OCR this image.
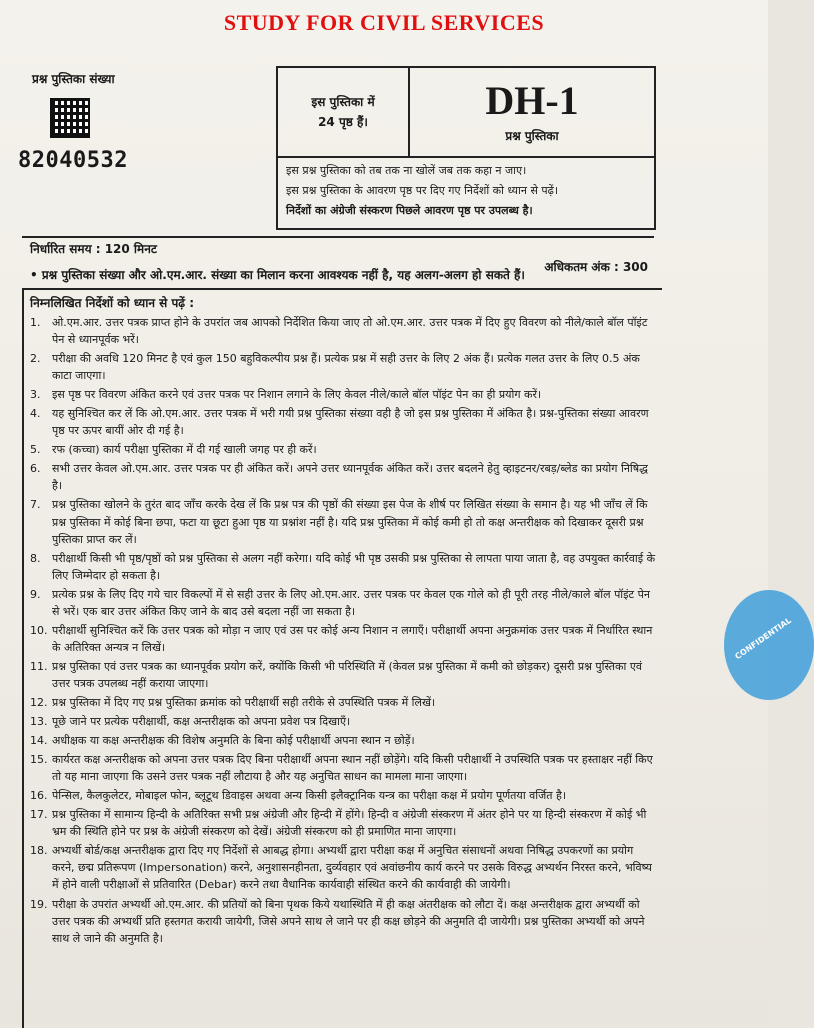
STUDY FOR CIVIL SERVICES
प्रश्न पुस्तिका संख्या
82040532
इस पुस्तिका में
24 पृष्ठ हैं।	DH-1
प्रश्न पुस्तिका
इस प्रश्न पुस्तिका को तब तक ना खोलें जब तक कहा न जाए।
इस प्रश्न पुस्तिका के आवरण पृष्ठ पर दिए गए निर्देशों को ध्यान से पढ़ें।
निर्देशों का अंग्रेजी संस्करण पिछले आवरण पृष्ठ पर उपलब्ध है।
निर्धारित समय : 120 मिनट
अधिकतम अंक : 300
• प्रश्न पुस्तिका संख्या और ओ.एम.आर. संख्या का मिलान करना आवश्यक नहीं है, यह अलग-अलग हो सकते हैं।
निम्नलिखित निर्देशों को ध्यान से पढ़ें :
1.	ओ.एम.आर. उत्तर पत्रक प्राप्त होने के उपरांत जब आपको निर्देशित किया जाए तो ओ.एम.आर. उत्तर पत्रक में दिए हुए विवरण को नीले/काले बॉल पॉइंट पेन से ध्यानपूर्वक भरें।
2.	परीक्षा की अवधि 120 मिनट है एवं कुल 150 बहुविकल्पीय प्रश्न हैं। प्रत्येक प्रश्न में सही उत्तर के लिए 2 अंक हैं। प्रत्येक गलत उत्तर के लिए 0.5 अंक काटा जाएगा।
3.	इस पृष्ठ पर विवरण अंकित करने एवं उत्तर पत्रक पर निशान लगाने के लिए केवल नीले/काले बॉल पॉइंट पेन का ही प्रयोग करें।
4.	यह सुनिश्चित कर लें कि ओ.एम.आर. उत्तर पत्रक में भरी गयी प्रश्न पुस्तिका संख्या वही है जो इस प्रश्न पुस्तिका में अंकित है। प्रश्न-पुस्तिका संख्या आवरण पृष्ठ पर ऊपर बायीं ओर दी गई है।
5.	रफ (कच्चा) कार्य परीक्षा पुस्तिका में दी गई खाली जगह पर ही करें।
6.	सभी उत्तर केवल ओ.एम.आर. उत्तर पत्रक पर ही अंकित करें। अपने उत्तर ध्यानपूर्वक अंकित करें। उत्तर बदलने हेतु व्हाइटनर/रबड़/ब्लेड का प्रयोग निषिद्ध है।
7.	प्रश्न पुस्तिका खोलने के तुरंत बाद जाँच करके देख लें कि प्रश्न पत्र की पृष्ठों की संख्या इस पेज के शीर्ष पर लिखित संख्या के समान है। यह भी जाँच लें कि प्रश्न पुस्तिका में कोई बिना छपा, फटा या छूटा हुआ पृष्ठ या प्रश्नांश नहीं है। यदि प्रश्न पुस्तिका में कोई कमी हो तो कक्ष अन्तरीक्षक को दिखाकर दूसरी प्रश्न पुस्तिका प्राप्त कर लें।
8.	परीक्षार्थी किसी भी पृष्ठ/पृष्ठों को प्रश्न पुस्तिका से अलग नहीं करेगा। यदि कोई भी पृष्ठ उसकी प्रश्न पुस्तिका से लापता पाया जाता है, वह उपयुक्त कार्रवाई के लिए जिम्मेदार हो सकता है।
9.	प्रत्येक प्रश्न के लिए दिए गये चार विकल्पों में से सही उत्तर के लिए ओ.एम.आर. उत्तर पत्रक पर केवल एक गोले को ही पूरी तरह नीले/काले बॉल पॉइंट पेन से भरें। एक बार उत्तर अंकित किए जाने के बाद उसे बदला नहीं जा सकता है।
10. परीक्षार्थी सुनिश्चित करें कि उत्तर पत्रक को मोड़ा न जाए एवं उस पर कोई अन्य निशान न लगाएँ। परीक्षार्थी अपना अनुक्रमांक उत्तर पत्रक में निर्धारित स्थान के अतिरिक्त अन्यत्र न लिखें।
11. प्रश्न पुस्तिका एवं उत्तर पत्रक का ध्यानपूर्वक प्रयोग करें, क्योंकि किसी भी परिस्थिति में (केवल प्रश्न पुस्तिका में कमी को छोड़कर) दूसरी प्रश्न पुस्तिका एवं उत्तर पत्रक उपलब्ध नहीं कराया जाएगा।
12. प्रश्न पुस्तिका में दिए गए प्रश्न पुस्तिका क्रमांक को परीक्षार्थी सही तरीके से उपस्थिति पत्रक में लिखें।
13. पूछे जाने पर प्रत्येक परीक्षार्थी, कक्ष अन्तरीक्षक को अपना प्रवेश पत्र दिखाएँ।
14. अधीक्षक या कक्ष अन्तरीक्षक की विशेष अनुमति के बिना कोई परीक्षार्थी अपना स्थान न छोड़ें।
15. कार्यरत कक्ष अन्तरीक्षक को अपना उत्तर पत्रक दिए बिना परीक्षार्थी अपना स्थान नहीं छोड़ेंगे। यदि किसी परीक्षार्थी ने उपस्थिति पत्रक पर हस्ताक्षर नहीं किए तो यह माना जाएगा कि उसने उत्तर पत्रक नहीं लौटाया है और यह अनुचित साधन का मामला माना जाएगा।
16. पेन्सिल, कैलकुलेटर, मोबाइल फोन, ब्लूटूथ डिवाइस अथवा अन्य किसी इलैक्ट्रानिक यन्त्र का परीक्षा कक्ष में प्रयोग पूर्णतया वर्जित है।
17. प्रश्न पुस्तिका में सामान्य हिन्दी के अतिरिक्त सभी प्रश्न अंग्रेजी और हिन्दी में होंगे। हिन्दी व अंग्रेजी संस्करण में अंतर होने पर या हिन्दी संस्करण में कोई भी भ्रम की स्थिति होने पर प्रश्न के अंग्रेजी संस्करण को देखें। अंग्रेजी संस्करण को ही प्रमाणित माना जाएगा।
18. अभ्यर्थी बोर्ड/कक्ष अन्तरीक्षक द्वारा दिए गए निर्देशों से आबद्ध होगा। अभ्यर्थी द्वारा परीक्षा कक्ष में अनुचित संसाधनों अथवा निषिद्ध उपकरणों का प्रयोग करने, छद्म प्रतिरूपण (Impersonation) करने, अनुशासनहीनता, दुर्व्यवहार एवं अवांछनीय कार्य करने पर उसके विरुद्ध अभ्यर्थन निरस्त करने, भविष्य में होने वाली परीक्षाओं से प्रतिवारित (Debar) करने तथा वैधानिक कार्यवाही संस्थित करने की कार्यवाही की जायेगी।
19. परीक्षा के उपरांत अभ्यर्थी ओ.एम.आर. की प्रतियों को बिना पृथक किये यथास्थिति में ही कक्ष अंतरीक्षक को लौटा दें। कक्ष अन्तरीक्षक द्वारा अभ्यर्थी को उत्तर पत्रक की अभ्यर्थी प्रति हस्तगत करायी जायेगी, जिसे अपने साथ ले जाने पर ही कक्ष छोड़ने की अनुमति दी जायेगी। प्रश्न पुस्तिका अभ्यर्थी को अपने साथ ले जाने की अनुमति है।
CONFIDENTIAL
